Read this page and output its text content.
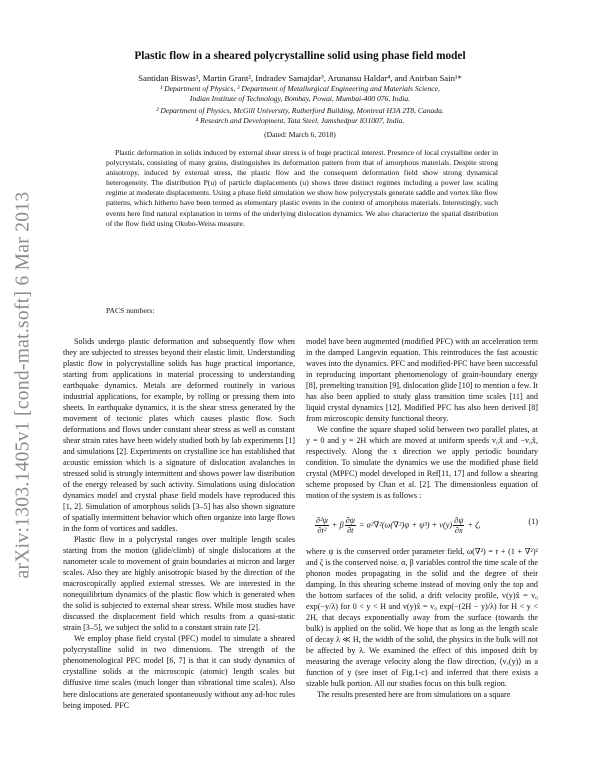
arXiv:1303.1405v1 [cond-mat.soft] 6 Mar 2013
Plastic flow in a sheared polycrystalline solid using phase field model
Santidan Biswas¹, Martin Grant², Indradev Samajdar³, Arunansu Haldar⁴, and Anirban Sain¹*
¹ Department of Physics, ³ Department of Metallurgical Engineering and Materials Science,
Indian Institute of Technology, Bombay, Powai, Mumbai-400 076, India.
² Department of Physics, McGill University, Rutherford Building, Montreal H3A 2T8, Canada.
⁴ Research and Development, Tata Steel, Jamshedpur 831007, India.
(Dated: March 6, 2018)

Plastic deformation in solids induced by external shear stress is of huge practical interest. Presence of local crystalline order in polycrystals, consisting of many grains, distinguishes its deformation pattern from that of amorphous materials. Despite strong anisotropy, induced by external stress, the plastic flow and the consequent deformation field show strong dynamical heterogeneity. The distribution P(u) of particle displacements (u) shows three distinct regimes including a power law scaling regime at moderate displacements. Using a phase field simulation we show how polycrystals generate saddle and vortex like flow patterns, which hitherto have been termed as elementary plastic events in the context of amorphous materials. Interestingly, such events here find natural explanation in terms of the underlying dislocation dynamics. We also characterize the spatial distribution of the flow field using Okubo-Weiss measure.

PACS numbers:

Solids undergo plastic deformation and subsequently flow when they are subjected to stresses beyond their elastic limit. Understanding plastic flow in polycrystalline solids has huge practical importance, starting from applications in material processing to understanding earthquake dynamics. Metals are deformed routinely in various industrial applications, for example, by rolling or pressing them into sheets. In earthquake dynamics, it is the shear stress generated by the movement of tectonic plates which causes plastic flow. Such deformations and flows under constant shear stress as well as constant shear strain rates have been widely studied both by lab experiments [1] and simulations [2]. Experiments on crystalline ice has established that acoustic emission which is a signature of dislocation avalanches in stressed solid is strongly intermittent and shows power law distribution of the energy released by such activity. Simulations using dislocation dynamics model and crystal phase field models have reproduced this [1, 2]. Simulation of amorphous solids [3–5] has also shown signature of spatially intermittent behavior which often organize into large flows in the form of vortices and saddles.

Plastic flow in a polycrystal ranges over multiple length scales starting from the motion (glide/climb) of single dislocations at the nanometer scale to movement of grain boundaries at micron and larger scales. Also they are highly anisotropic biased by the direction of the macroscopically applied external stresses. We are interested in the nonequilibrium dynamics of the plastic flow which is generated when the solid is subjected to external shear stress. While most studies have discussed the displacement field which results from a quasi-static strain [3–5], we subject the solid to a constant strain rate [2].

We employ phase field crystal (PFC) model to simulate a sheared polycrystalline solid in two dimensions. The strength of the phenomenological PFC model [6, 7] is that it can study dynamics of crystalline solids at the microscopic (atomic) length scales but diffusive time scales (much longer than vibrational time scales). Also here dislocations are generated spontaneously without any ad-hoc rules being imposed. PFC

model have been augmented (modified PFC) with an acceleration term in the damped Langevin equation. This reintroduces the fast acoustic waves into the dynamics. PFC and modified-PFC have been successful in reproducing important phenomenology of grain-boundary energy [8], premelting transition [9], dislocation glide [10] to mention a few. It has also been applied to study glass transition time scales [11] and liquid crystal dynamics [12]. Modified PFC has also been derived [8] from microscopic density functional theory.

We confine the square shaped solid between two parallel plates, at y = 0 and y = 2H which are moved at uniform speeds v₀x̂ and −v₀x̂, respectively. Along the x direction we apply periodic boundary condition. To simulate the dynamics we use the modified phase field crystal (MPFC) model developed in Ref[11, 17] and follow a shearing scheme proposed by Chan et al. [2]. The dimensionless equation of motion of the system is as follows :

$\frac{\text{∂²ψ}}{\text{∂t²}} + \beta \frac{\partial\psi}{\partial t} = \alpha^2\nabla^2(\omega(\nabla^2)\psi + \psi^3) + v(y) \frac{\partial\psi}{\partial x} + \zeta$,	(1)

where ψ is the conserved order parameter field, ω(∇²) = r + (1 + ∇²)² and ζ is the conserved noise. α, β variables control the time scale of the phonon modes propagating in the solid and the degree of their damping. In this shearing scheme instead of moving only the top and the bottom surfaces of the solid, a drift velocity profile, v(y)x̂ = v₀ exp(−y/λ) for 0 < y < H and v(y)x̂ = v₀ exp(−(2H − y)/λ) for H < y < 2H, that decays exponentially away from the surface (towards the bulk) is applied on the solid. We hope that as long as the length scale of decay λ ≪ H, the width of the solid, the physics in the bulk will not be affected by λ. We examined the effect of this imposed drift by measuring the average velocity along the flow direction, ⟨vₓ(y)⟩ as a function of y (see inset of Fig.1-c) and inferred that there exists a sizable bulk portion. All our studies focus on this bulk region.

The results presented here are from simulations on a square
